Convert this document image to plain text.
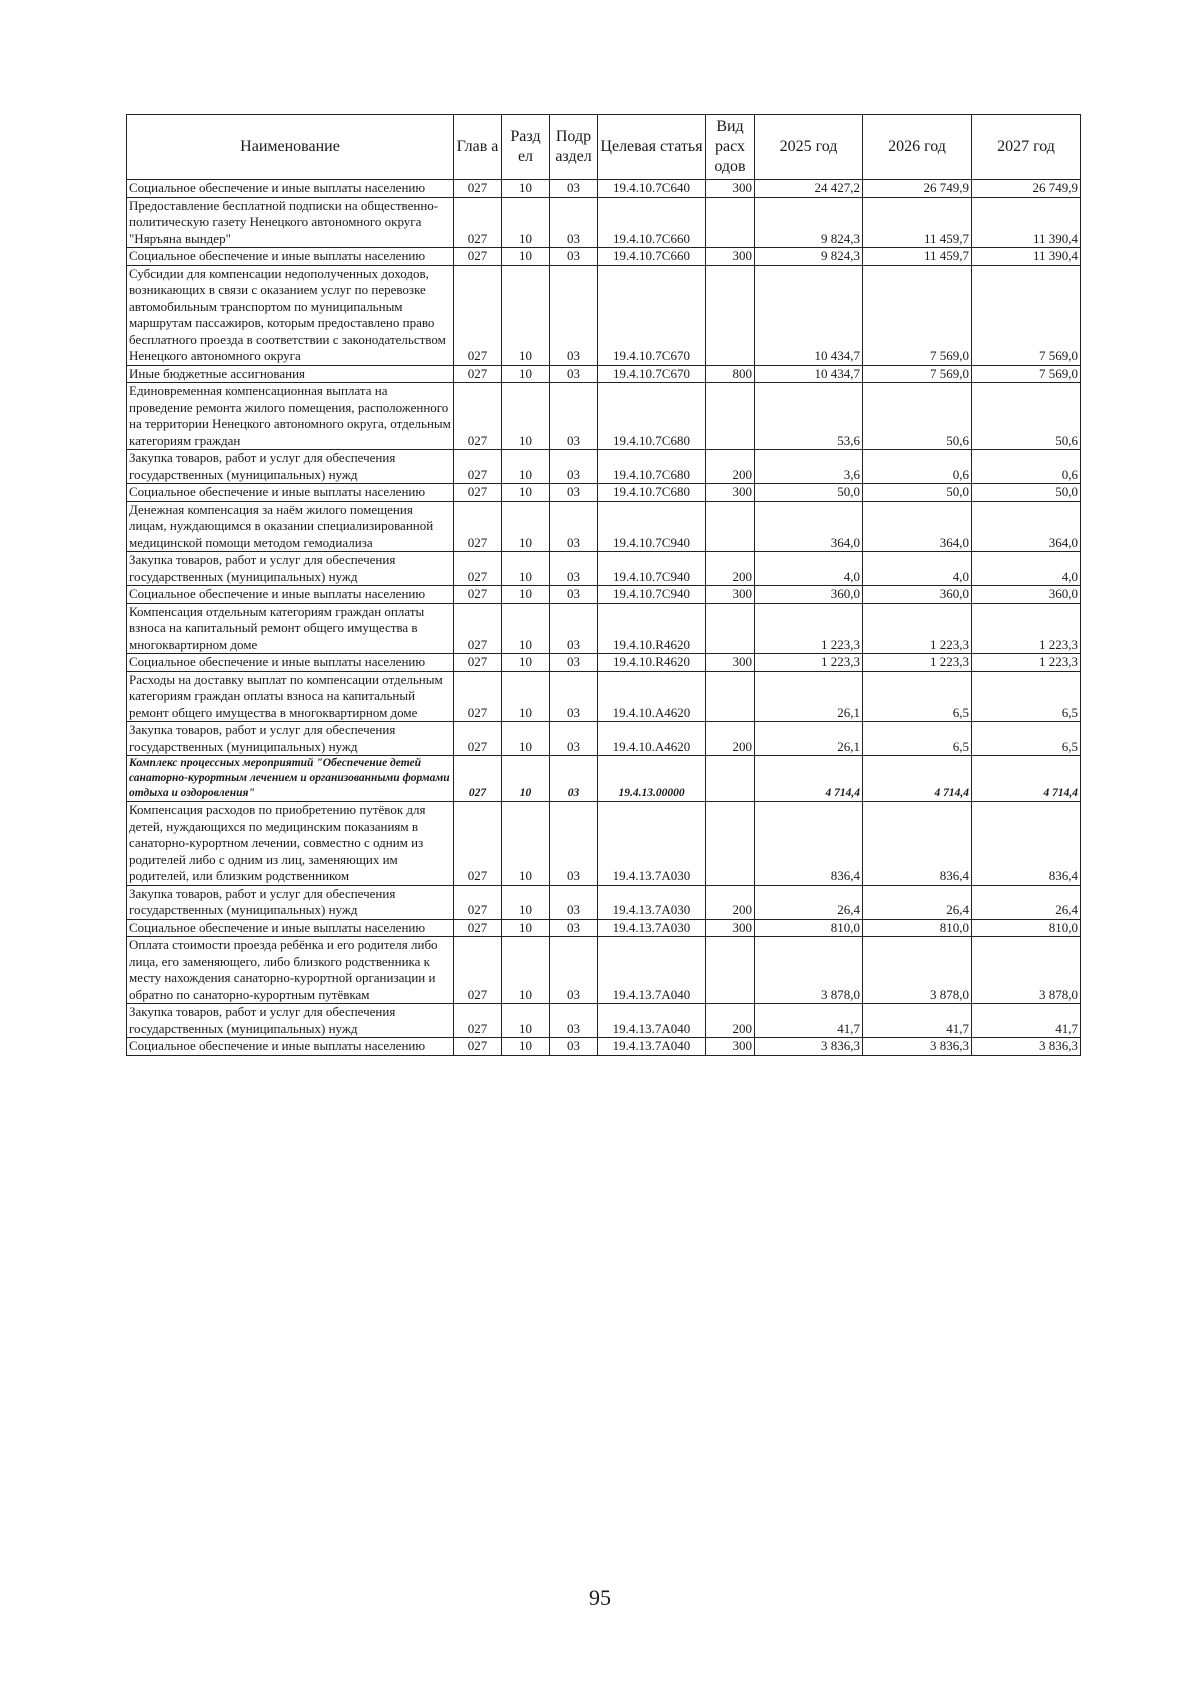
Наименование	Глав а	Разд ел	Подр аздел	Целевая статья	Вид расх одов	2025 год	2026 год	2027 год
Социальное обеспечение и иные выплаты населению	027	10	03	19.4.10.7С640	300	24 427,2	26 749,9	26 749,9
Предоставление бесплатной подписки на общественно-политическую газету Ненецкого автономного округа "Няръяна вындер"	027	10	03	19.4.10.7С660		9 824,3	11 459,7	11 390,4
Социальное обеспечение и иные выплаты населению	027	10	03	19.4.10.7С660	300	9 824,3	11 459,7	11 390,4
Субсидии для компенсации недополученных доходов, возникающих в связи с оказанием услуг по перевозке автомобильным транспортом по муниципальным маршрутам пассажиров, которым предоставлено право бесплатного проезда в соответствии с законодательством Ненецкого автономного округа	027	10	03	19.4.10.7С670		10 434,7	7 569,0	7 569,0
Иные бюджетные ассигнования	027	10	03	19.4.10.7С670	800	10 434,7	7 569,0	7 569,0
Единовременная компенсационная выплата на проведение ремонта жилого помещения, расположенного на территории Ненецкого автономного округа, отдельным категориям граждан	027	10	03	19.4.10.7С680		53,6	50,6	50,6
Закупка товаров, работ и услуг для обеспечения государственных (муниципальных) нужд	027	10	03	19.4.10.7С680	200	3,6	0,6	0,6
Социальное обеспечение и иные выплаты населению	027	10	03	19.4.10.7С680	300	50,0	50,0	50,0
Денежная компенсация за наём жилого помещения лицам, нуждающимся в оказании специализированной медицинской помощи методом гемодиализа	027	10	03	19.4.10.7С940		364,0	364,0	364,0
Закупка товаров, работ и услуг для обеспечения государственных (муниципальных) нужд	027	10	03	19.4.10.7С940	200	4,0	4,0	4,0
Социальное обеспечение и иные выплаты населению	027	10	03	19.4.10.7С940	300	360,0	360,0	360,0
Компенсация отдельным категориям граждан оплаты взноса на капитальный ремонт общего имущества в многоквартирном доме	027	10	03	19.4.10.R4620		1 223,3	1 223,3	1 223,3
Социальное обеспечение и иные выплаты населению	027	10	03	19.4.10.R4620	300	1 223,3	1 223,3	1 223,3
Расходы на доставку выплат по компенсации отдельным категориям граждан оплаты взноса на капитальный ремонт общего имущества в многоквартирном доме	027	10	03	19.4.10.А4620		26,1	6,5	6,5
Закупка товаров, работ и услуг для обеспечения государственных (муниципальных) нужд	027	10	03	19.4.10.А4620	200	26,1	6,5	6,5
Комплекс процессных мероприятий "Обеспечение детей санаторно-курортным лечением и организованными формами отдыха и оздоровления"	027	10	03	19.4.13.00000		4 714,4	4 714,4	4 714,4
Компенсация расходов по приобретению путёвок для детей, нуждающихся по медицинским показаниям в санаторно-курортном лечении, совместно с одним из родителей либо с одним из лиц, заменяющих им родителей, или близким родственником	027	10	03	19.4.13.7А030		836,4	836,4	836,4
Закупка товаров, работ и услуг для обеспечения государственных (муниципальных) нужд	027	10	03	19.4.13.7А030	200	26,4	26,4	26,4
Социальное обеспечение и иные выплаты населению	027	10	03	19.4.13.7А030	300	810,0	810,0	810,0
Оплата стоимости проезда ребёнка и его родителя либо лица, его заменяющего, либо близкого родственника к месту нахождения санаторно-курортной организации и обратно по санаторно-курортным путёвкам	027	10	03	19.4.13.7А040		3 878,0	3 878,0	3 878,0
Закупка товаров, работ и услуг для обеспечения государственных (муниципальных) нужд	027	10	03	19.4.13.7А040	200	41,7	41,7	41,7
Социальное обеспечение и иные выплаты населению	027	10	03	19.4.13.7А040	300	3 836,3	3 836,3	3 836,3
95
